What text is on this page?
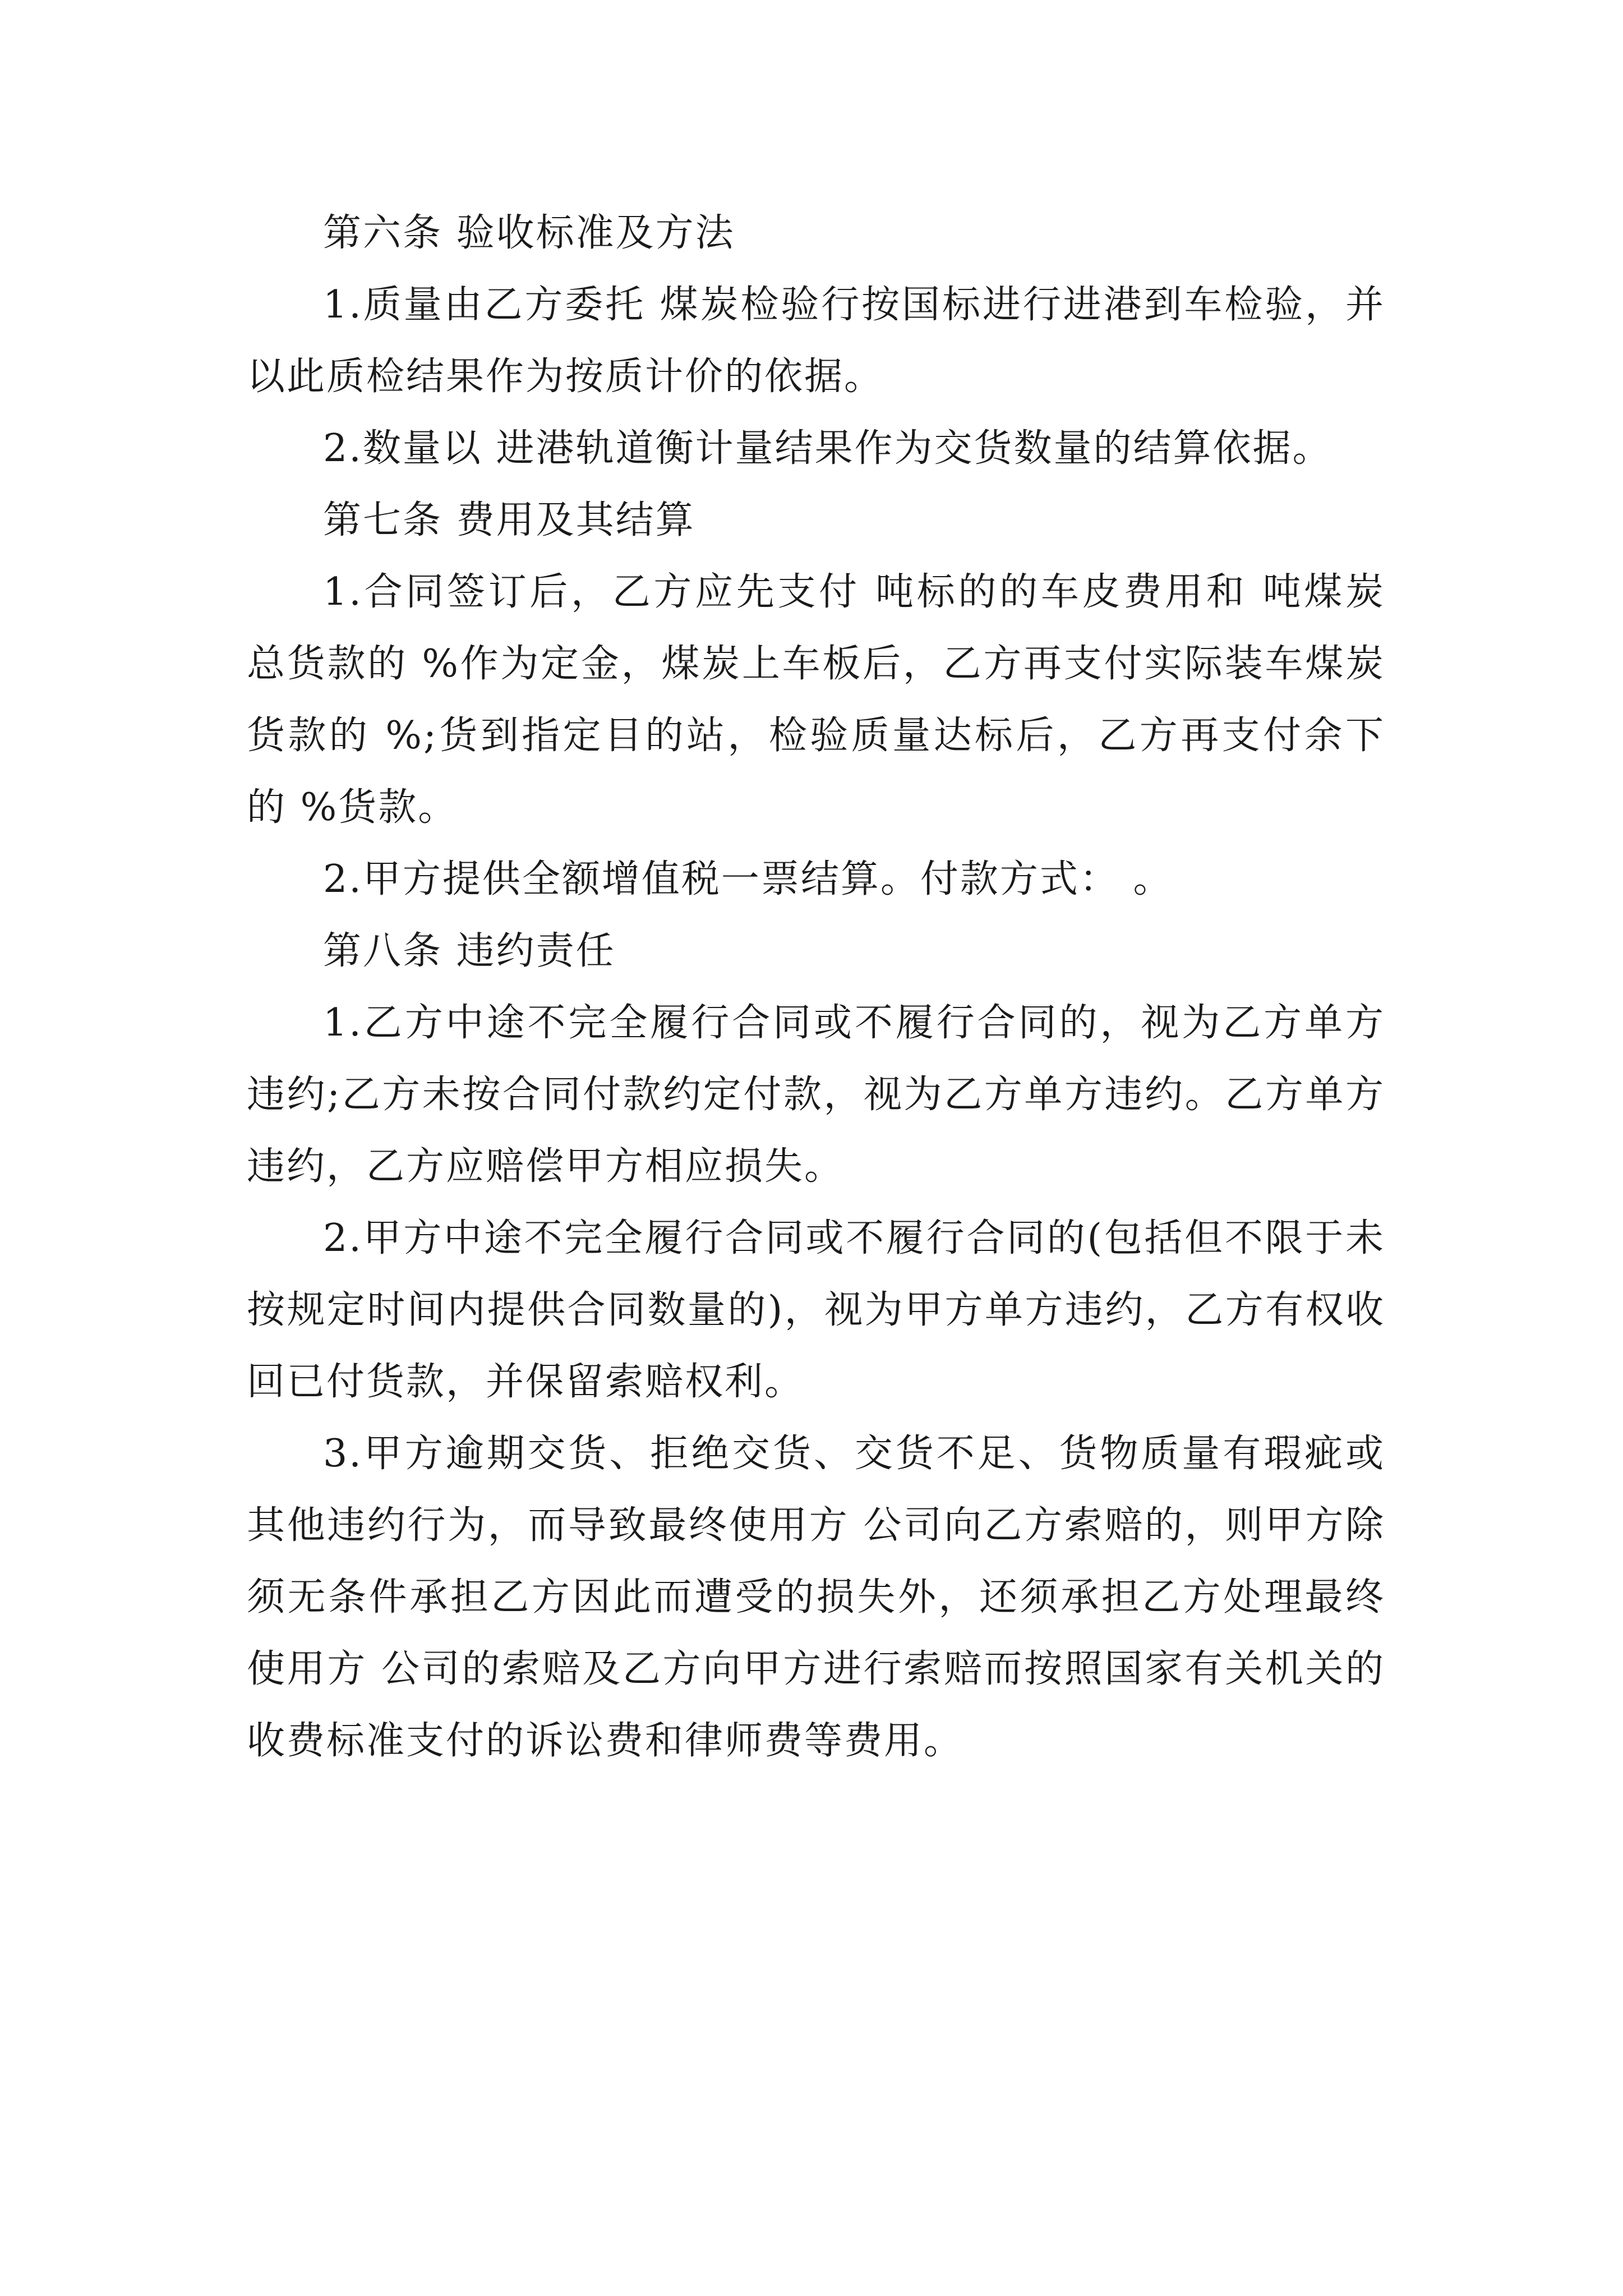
第六条 验收标准及方法

1.质量由乙方委托 煤炭检验行按国标进行进港到车检验，并以此质检结果作为按质计价的依据。

2.数量以 进港轨道衡计量结果作为交货数量的结算依据。

第七条 费用及其结算

1.合同签订后，乙方应先支付 吨标的的车皮费用和 吨煤炭总货款的 %作为定金，煤炭上车板后，乙方再支付实际装车煤炭货款的 %;货到指定目的站，检验质量达标后，乙方再支付余下的 %货款。

2.甲方提供全额增值税一票结算。付款方式： 。

第八条 违约责任

1.乙方中途不完全履行合同或不履行合同的，视为乙方单方违约;乙方未按合同付款约定付款，视为乙方单方违约。乙方单方违约，乙方应赔偿甲方相应损失。

2.甲方中途不完全履行合同或不履行合同的(包括但不限于未按规定时间内提供合同数量的)，视为甲方单方违约，乙方有权收回已付货款，并保留索赔权利。

3.甲方逾期交货、拒绝交货、交货不足、货物质量有瑕疵或其他违约行为，而导致最终使用方 公司向乙方索赔的，则甲方除须无条件承担乙方因此而遭受的损失外，还须承担乙方处理最终使用方 公司的索赔及乙方向甲方进行索赔而按照国家有关机关的收费标准支付的诉讼费和律师费等费用。
